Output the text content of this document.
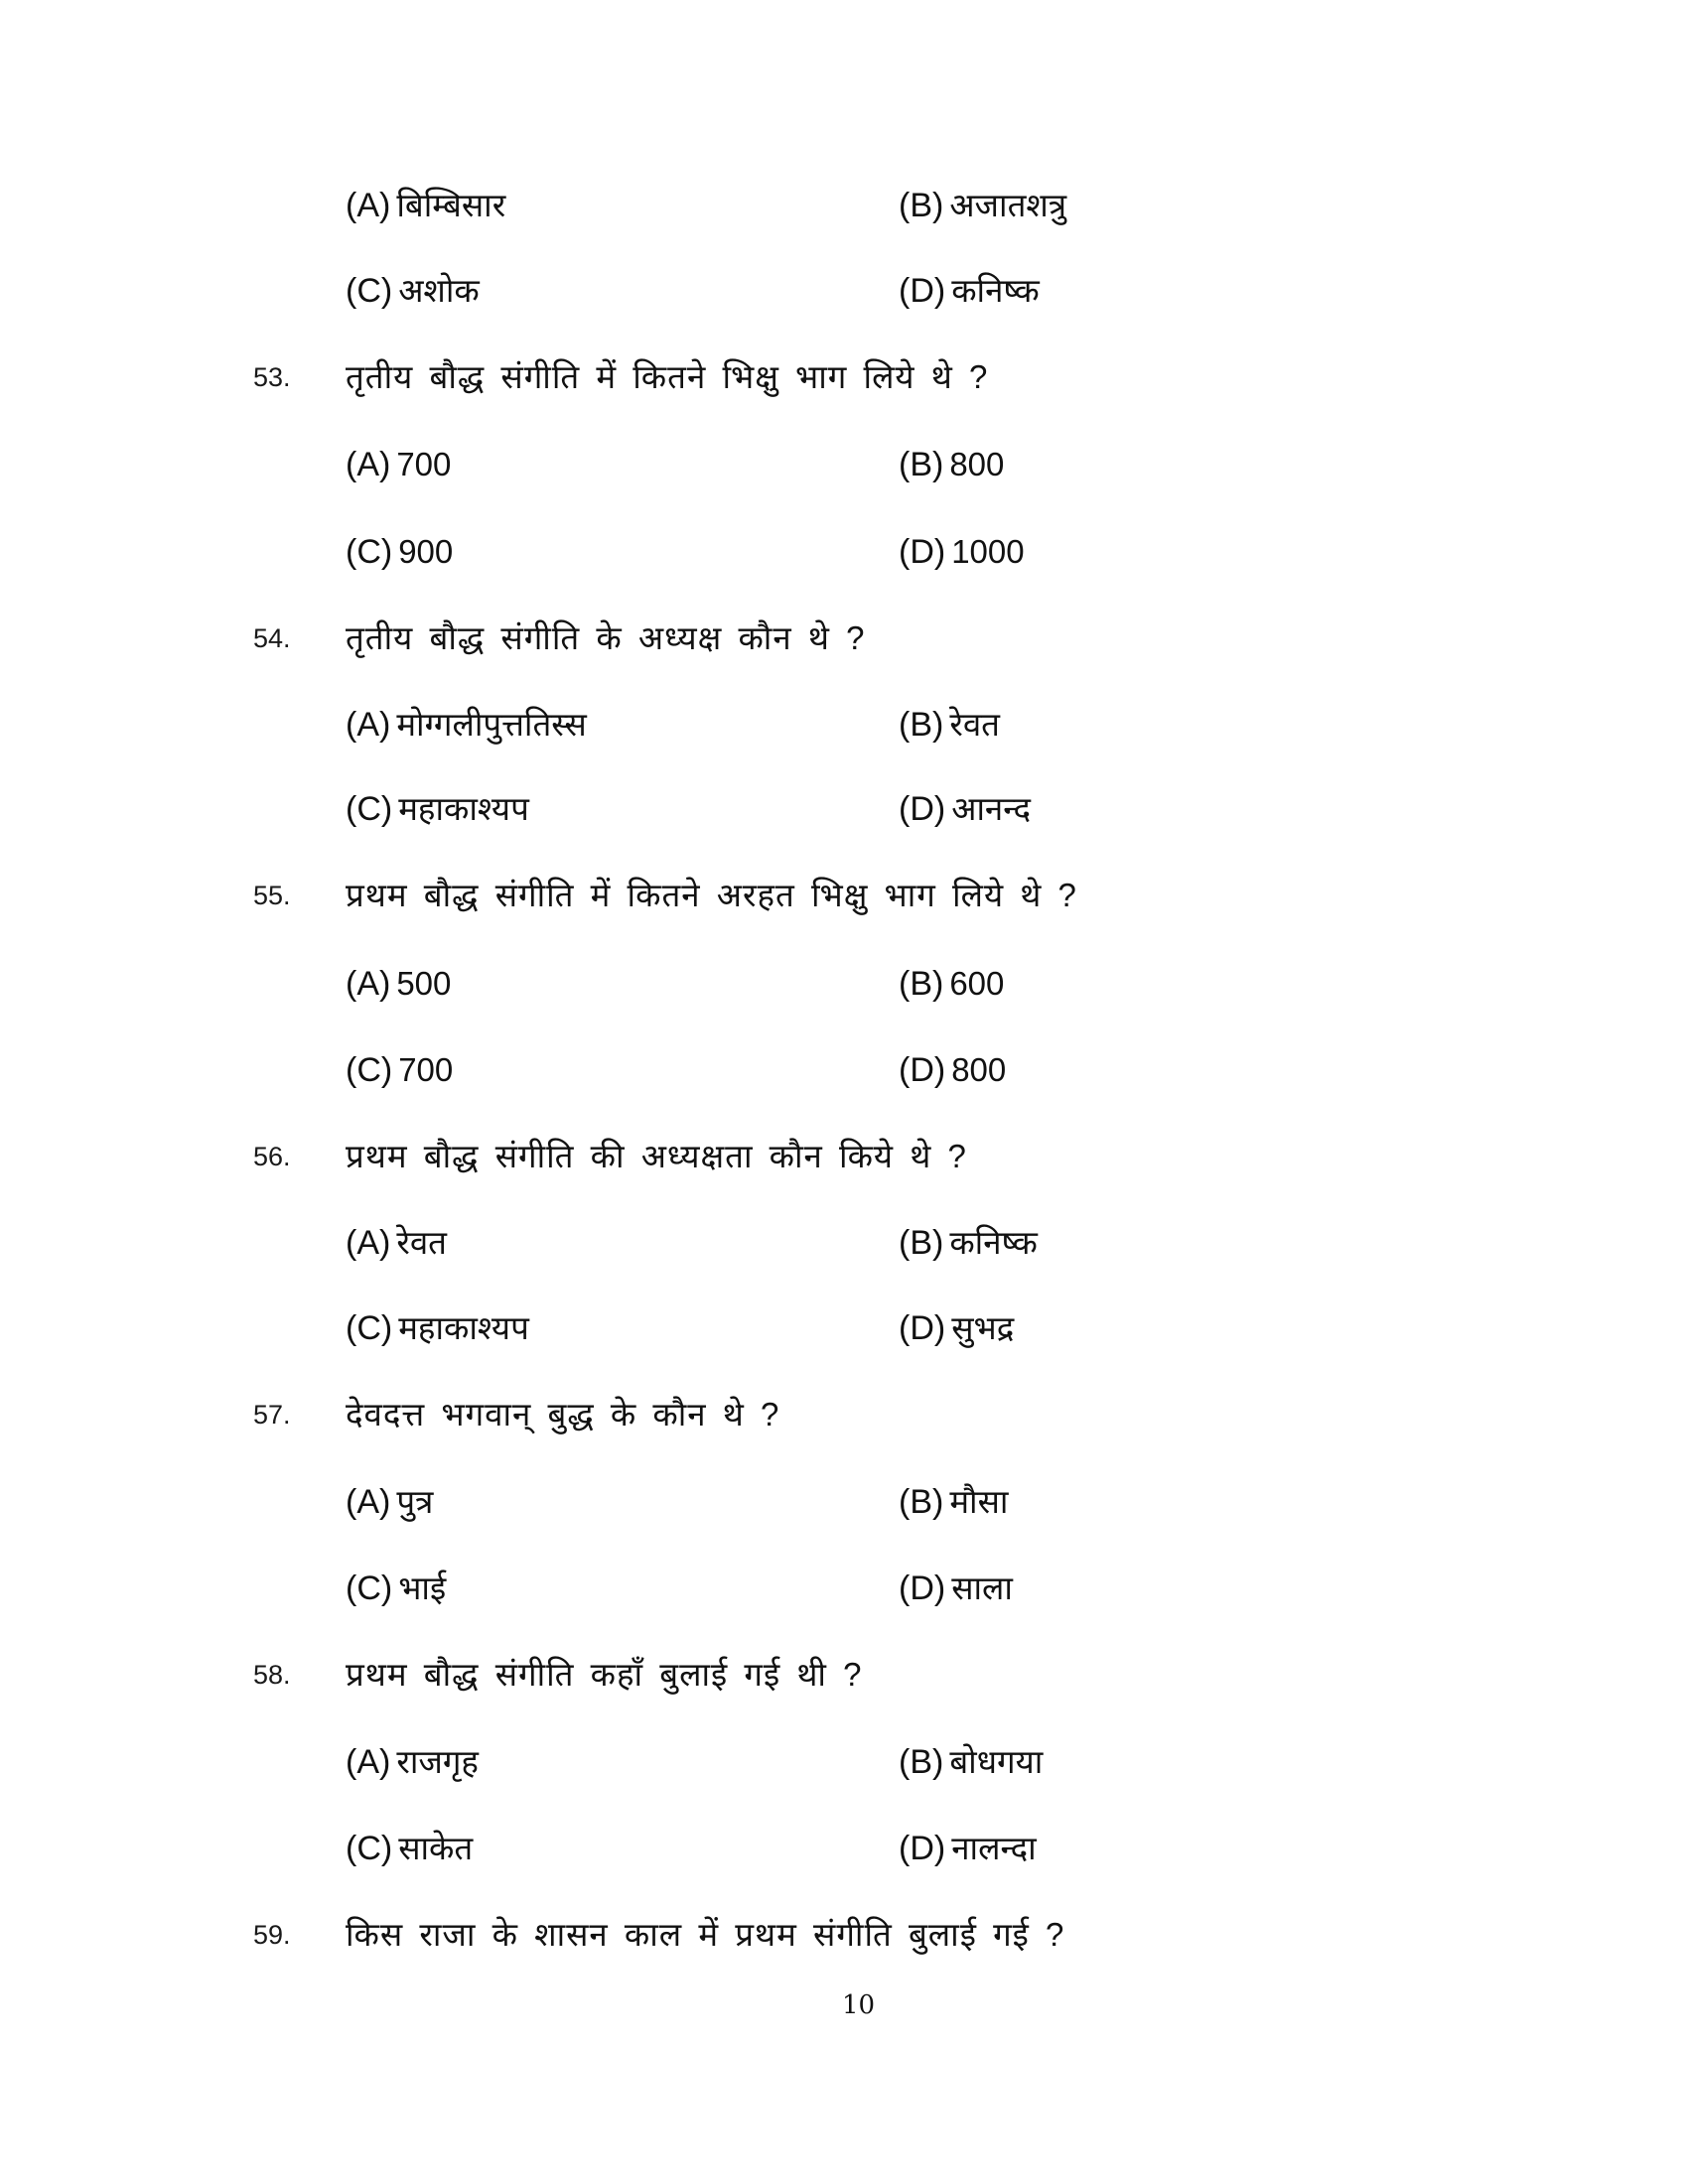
(A) बिम्बिसार	(B) अजातशत्रु
(C) अशोक	(D) कनिष्क
53. तृतीय बौद्ध संगीति में कितने भिक्षु भाग लिये थे ?
(A) 700	(B) 800
(C) 900	(D) 1000
54. तृतीय बौद्ध संगीति के अध्यक्ष कौन थे ?
(A) मोग्गलीपुत्ततिस्स	(B) रेवत
(C) महाकाश्यप	(D) आनन्द
55. प्रथम बौद्ध संगीति में कितने अरहत भिक्षु भाग लिये थे ?
(A) 500	(B) 600
(C) 700	(D) 800
56. प्रथम बौद्ध संगीति की अध्यक्षता कौन किये थे ?
(A) रेवत	(B) कनिष्क
(C) महाकाश्यप	(D) सुभद्र
57. देवदत्त भगवान् बुद्ध के कौन थे ?
(A) पुत्र	(B) मौसा
(C) भाई	(D) साला
58. प्रथम बौद्ध संगीति कहाँ बुलाई गई थी ?
(A) राजगृह	(B) बोधगया
(C) साकेत	(D) नालन्दा
59. किस राजा के शासन काल में प्रथम संगीति बुलाई गई ?
10
